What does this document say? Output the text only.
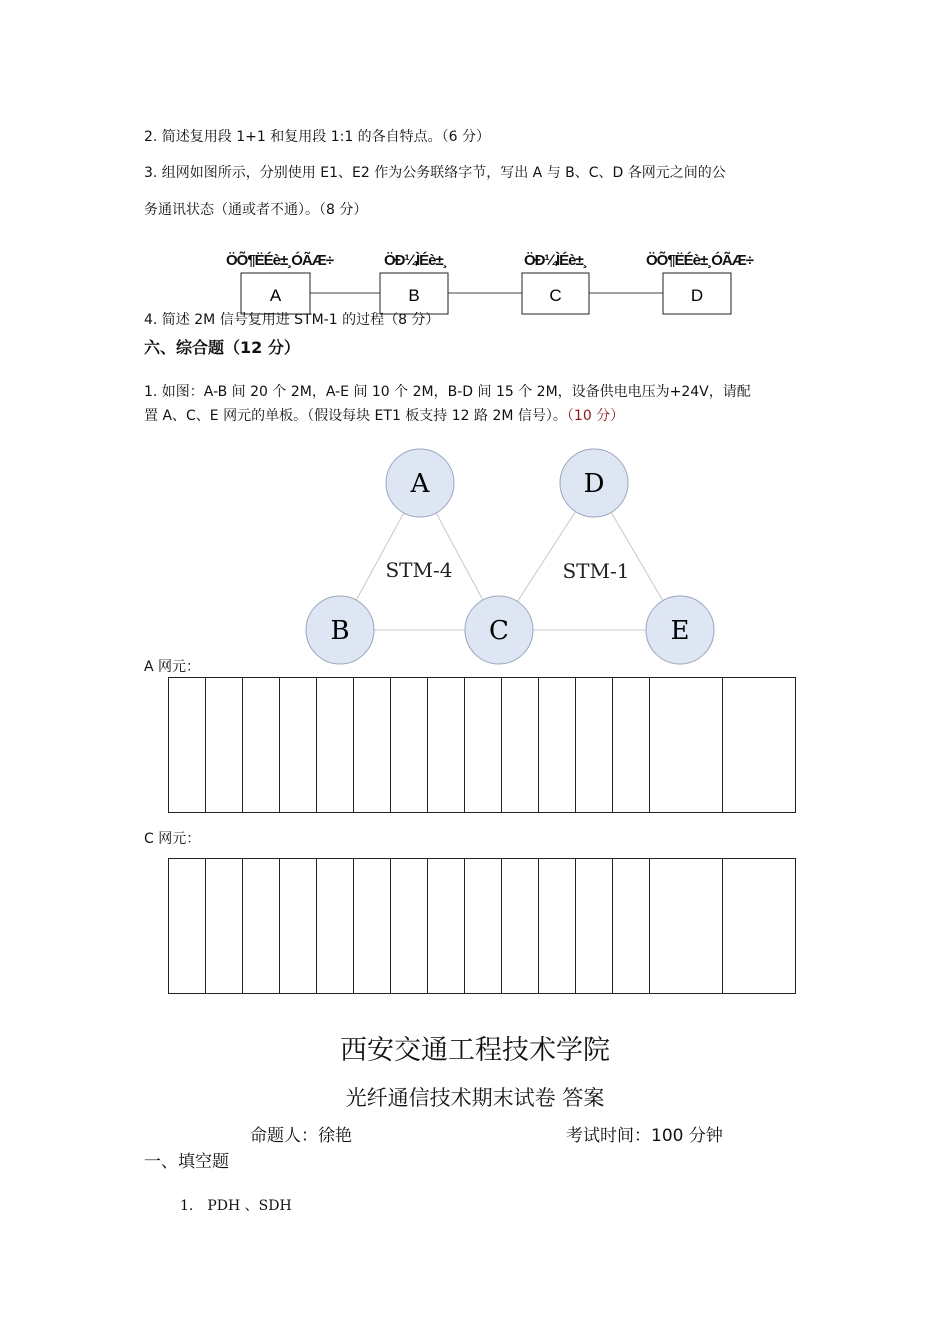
2. 简述复用段 1+1 和复用段 1:1 的各自特点。（6 分）
3. 组网如图所示，分别使用 E1、E2 作为公务联络字节，写出 A 与 B、C、D 各网元之间的公
务通讯状态（通或者不通）。（8 分）
A	B	C	D
ÖÕ¶ËÉè±¸ÓÃÆ÷	ÖÐ¼ÌÉè±¸	ÖÐ¼ÌÉè±¸	ÖÕ¶ËÉè±¸ÓÃÆ÷
4. 简述 2M 信号复用进 STM-1 的过程（8 分）
六、综合题（12 分）
1. 如图：A-B 间 20 个 2M，A-E 间 10 个 2M，B-D 间 15 个 2M，设备供电电压为+24V，请配
置 A、C、E 网元的单板。（假设每块 ET1 板支持 12 路 2M 信号）。（10 分）
A	D
B	C	E
STM-4	STM-1
A 网元：

C 网元：

西安交通工程技术学院
光纤通信技术期末试卷 答案
命题人：徐艳	考试时间：100 分钟
一、填空题
1. PDH 、SDH
